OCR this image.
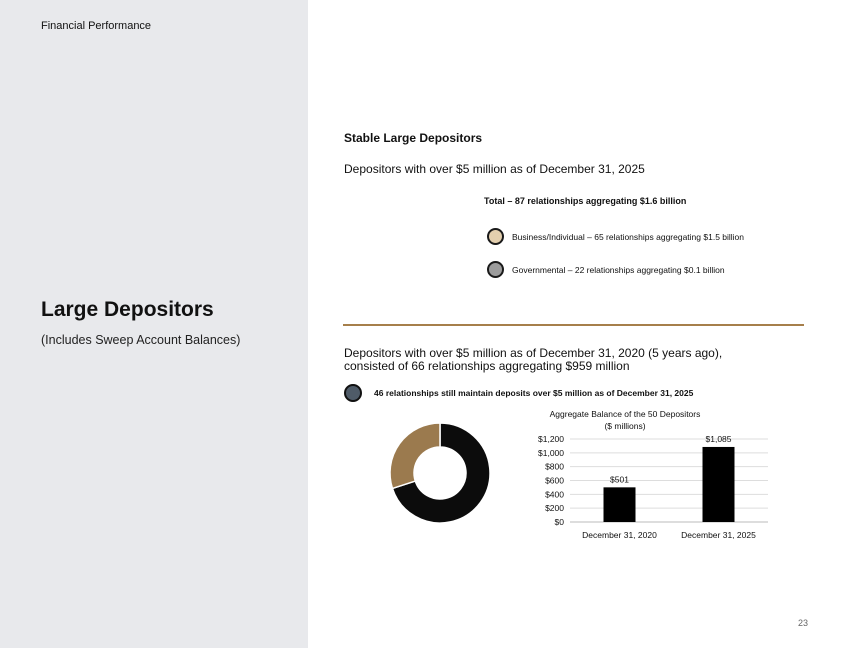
Financial Performance
Large Depositors
(Includes Sweep Account Balances)
Stable Large Depositors
Depositors with over $5 million as of December 31, 2025
Total – 87 relationships aggregating $1.6 billion
Business/Individual – 65 relationships aggregating $1.5 billion
Governmental – 22 relationships aggregating $0.1 billion
Depositors with over $5 million as of December 31, 2020 (5 years ago), consisted of 66 relationships aggregating $959 million
46 relationships still maintain deposits over $5 million as of December 31, 2025
Aggregate Balance of the 50 Depositors
($ millions)
$0
$200
$400
$600
$800
$1,000
$1,200
$501
December 31, 2020
$1,085
December 31, 2025
23
